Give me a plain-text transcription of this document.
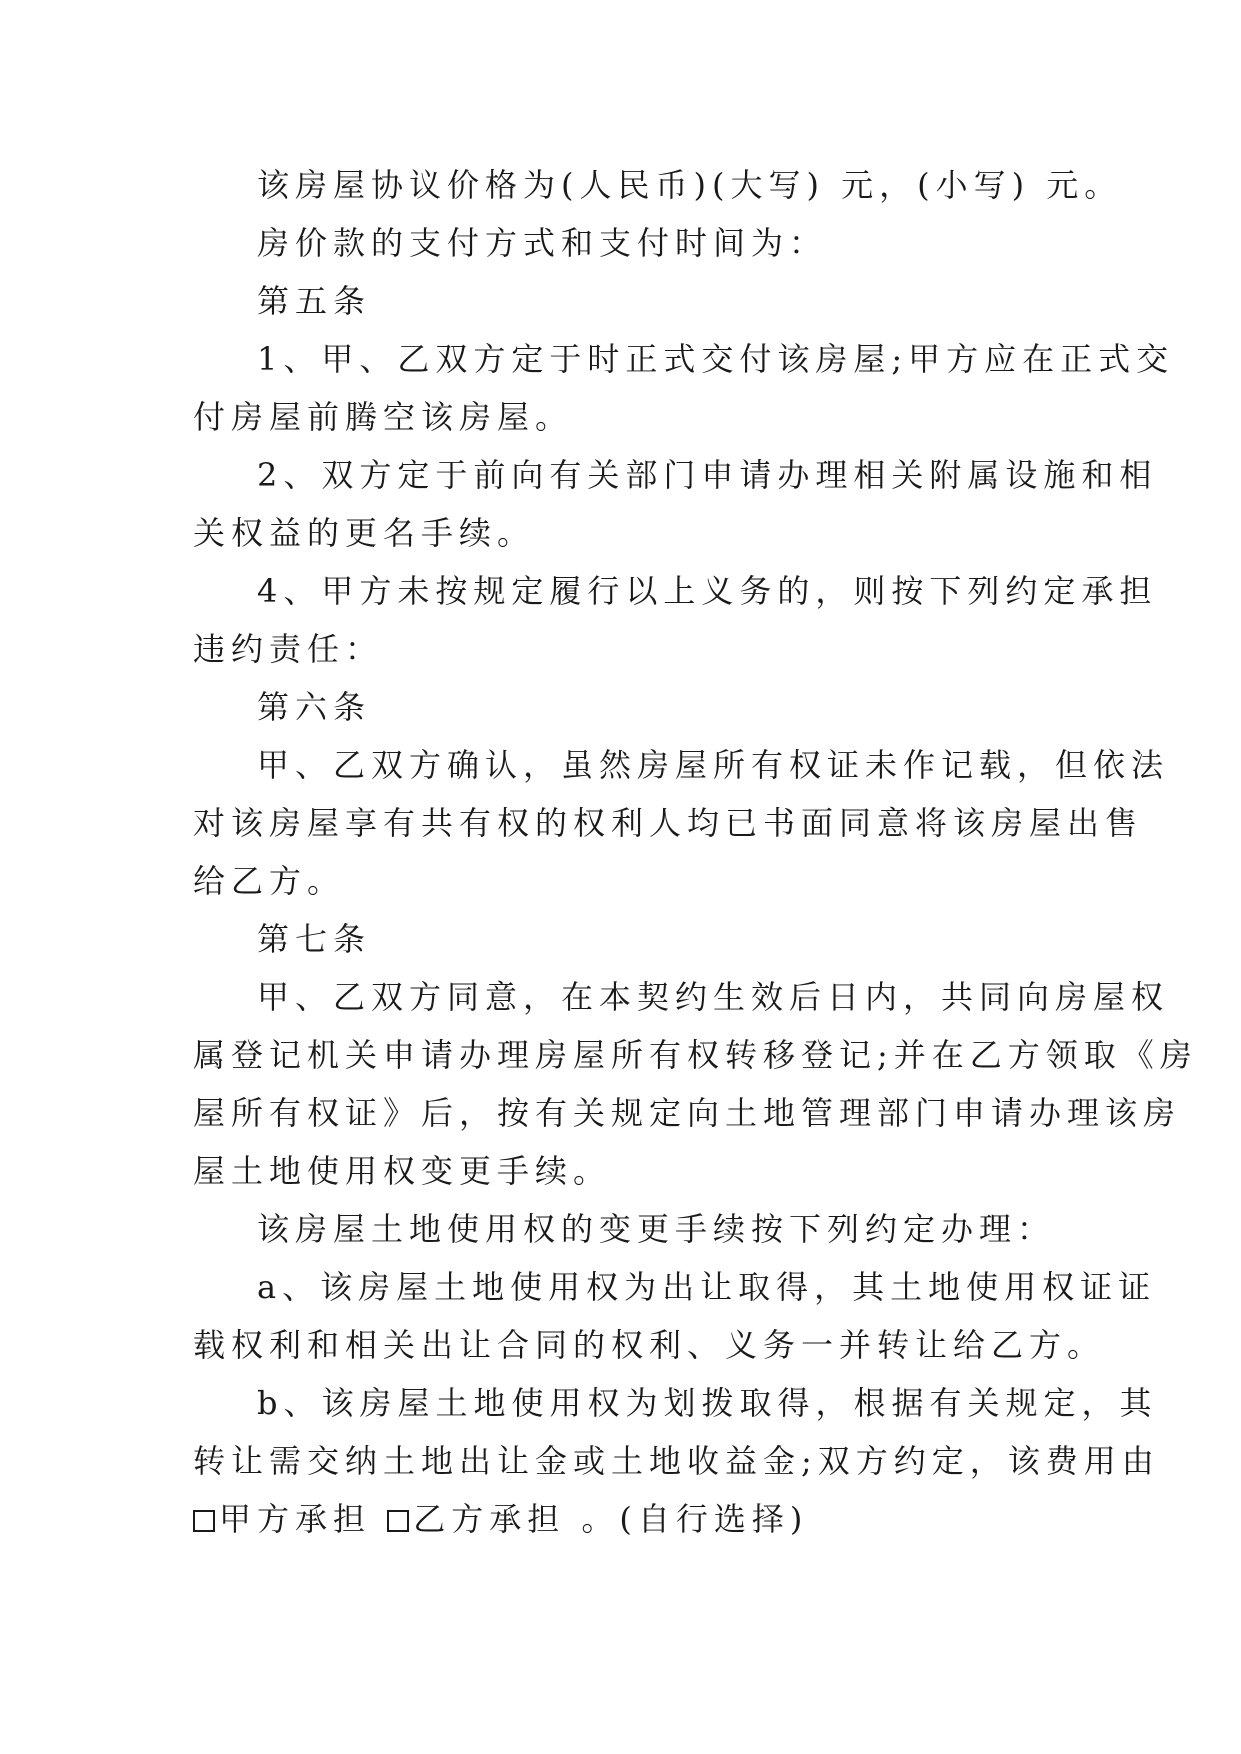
该房屋协议价格为(人民币)(大写) 元，(小写) 元。
房价款的支付方式和支付时间为：
第五条
1、甲、乙双方定于时正式交付该房屋;甲方应在正式交
付房屋前腾空该房屋。
2、双方定于前向有关部门申请办理相关附属设施和相
关权益的更名手续。
4、甲方未按规定履行以上义务的，则按下列约定承担
违约责任：
第六条
甲、乙双方确认，虽然房屋所有权证未作记载，但依法
对该房屋享有共有权的权利人均已书面同意将该房屋出售
给乙方。
第七条
甲、乙双方同意，在本契约生效后日内，共同向房屋权
属登记机关申请办理房屋所有权转移登记;并在乙方领取《房
屋所有权证》后，按有关规定向土地管理部门申请办理该房
屋土地使用权变更手续。
该房屋土地使用权的变更手续按下列约定办理：
a、该房屋土地使用权为出让取得，其土地使用权证证
载权利和相关出让合同的权利、义务一并转让给乙方。
b、该房屋土地使用权为划拨取得，根据有关规定，其
转让需交纳土地出让金或土地收益金;双方约定，该费用由
甲方承担 乙方承担 。(自行选择)
